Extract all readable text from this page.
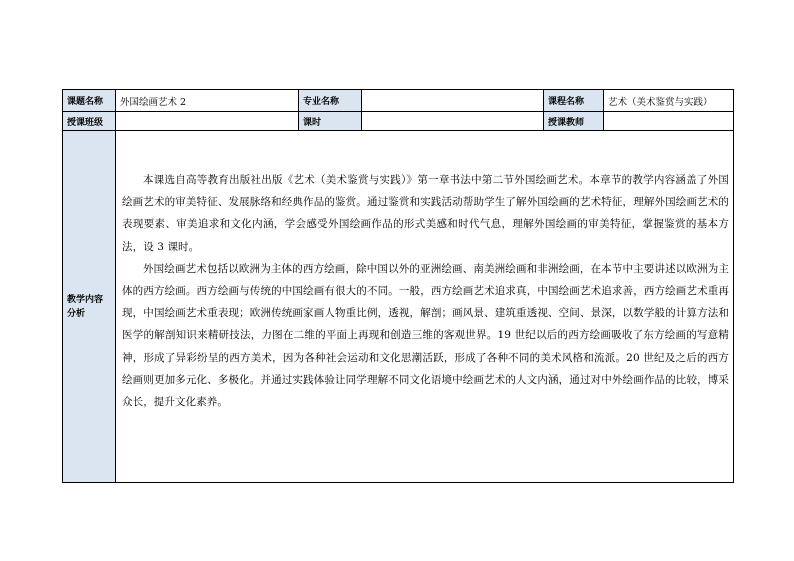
课题名称	外国绘画艺术 2	专业名称		课程名称	艺术（美术鉴赏与实践）
授课班级		课时		授课教师	
教学内容分析	本课选自高等教育出版社出版《艺术（美术鉴赏与实践）》第一章书法中第二节外国绘画艺术。本章节的教学内容涵盖了外国绘画艺术的审美特征、发展脉络和经典作品的鉴赏。通过鉴赏和实践活动帮助学生了解外国绘画的艺术特征，理解外国绘画艺术的表现要素、审美追求和文化内涵，学会感受外国绘画作品的形式美感和时代气息，理解外国绘画的审美特征，掌握鉴赏的基本方法，设 3 课时。

外国绘画艺术包括以欧洲为主体的西方绘画，除中国以外的亚洲绘画、南美洲绘画和非洲绘画，在本节中主要讲述以欧洲为主体的西方绘画。西方绘画与传统的中国绘画有很大的不同。一般，西方绘画艺术追求真，中国绘画艺术追求善，西方绘画艺术重再现，中国绘画艺术重表现；欧洲传统画家画人物重比例，透视，解剖；画风景、建筑重透视、空间、景深，以数学般的计算方法和医学的解剖知识来精研技法，力图在二维的平面上再现和创造三维的客观世界。19 世纪以后的西方绘画吸收了东方绘画的写意精神，形成了异彩纷呈的西方美术，因为各种社会运动和文化思潮活跃，形成了各种不同的美术风格和流派。20 世纪及之后的西方绘画则更加多元化、多极化。并通过实践体验让同学理解不同文化语境中绘画艺术的人文内涵，通过对中外绘画作品的比较，博采众长，提升文化素养。				
